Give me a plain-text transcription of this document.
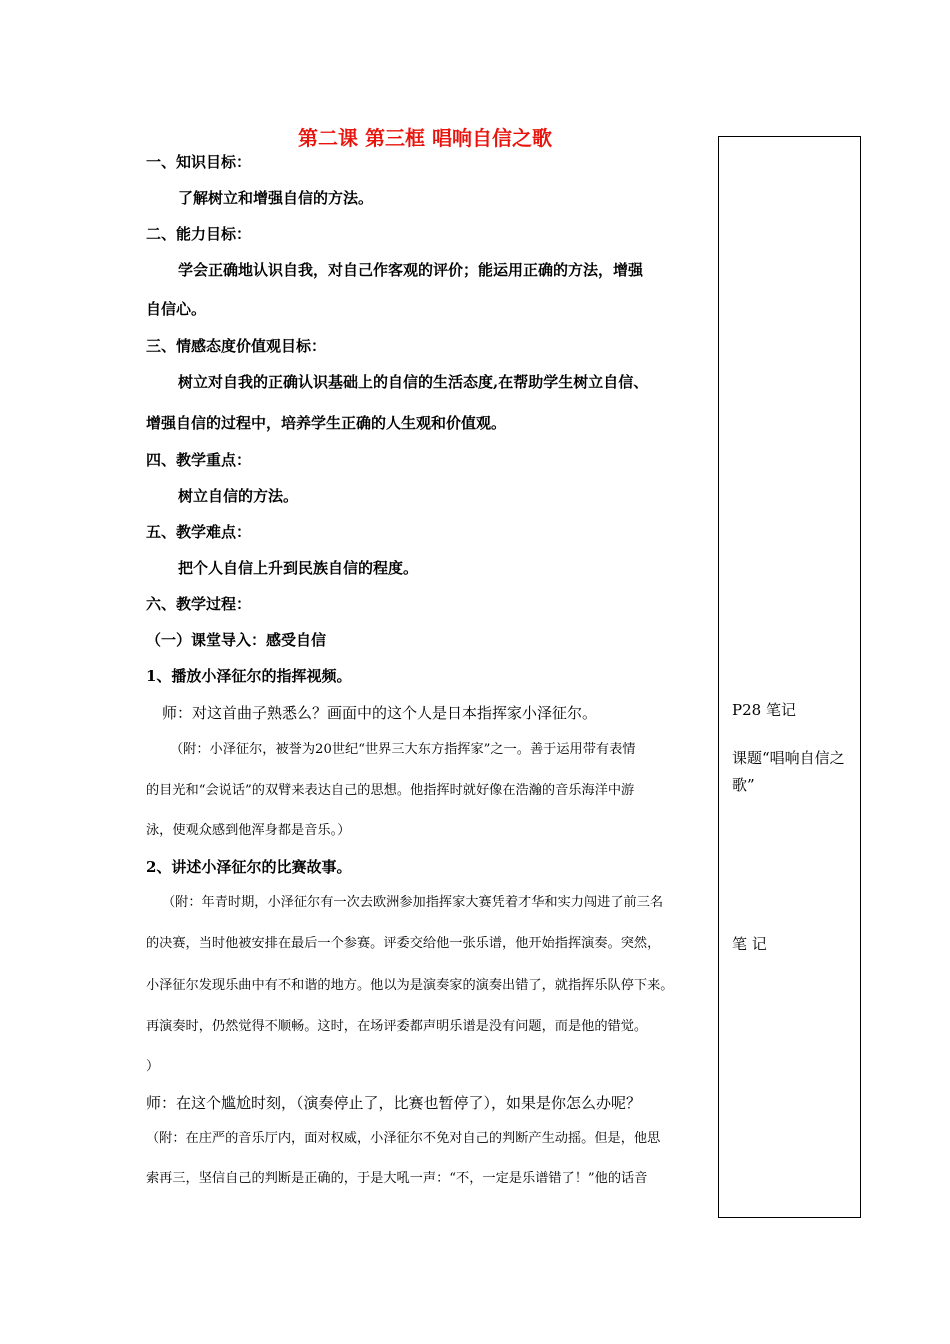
第二课 第三框 唱响自信之歌
一、知识目标：
了解树立和增强自信的方法。
二、能力目标：
学会正确地认识自我，对自己作客观的评价；能运用正确的方法，增强
自信心。
三、情感态度价值观目标：
树立对自我的正确认识基础上的自信的生活态度,在帮助学生树立自信、
增强自信的过程中，培养学生正确的人生观和价值观。
四、教学重点：
树立自信的方法。
五、教学难点：
把个人自信上升到民族自信的程度。
六、教学过程：
（一）课堂导入：感受自信
1、播放小泽征尔的指挥视频。
师：对这首曲子熟悉么？画面中的这个人是日本指挥家小泽征尔。
（附：小泽征尔，被誉为20世纪“世界三大东方指挥家”之一。善于运用带有表情
的目光和“会说话”的双臂来表达自己的思想。他指挥时就好像在浩瀚的音乐海洋中游
泳，使观众感到他浑身都是音乐。）
2、讲述小泽征尔的比赛故事。
（附：年青时期，小泽征尔有一次去欧洲参加指挥家大赛凭着才华和实力闯进了前三名
的决赛，当时他被安排在最后一个参赛。评委交给他一张乐谱，他开始指挥演奏。突然，
小泽征尔发现乐曲中有不和谐的地方。他以为是演奏家的演奏出错了，就指挥乐队停下来。
再演奏时，仍然觉得不顺畅。这时，在场评委都声明乐谱是没有问题，而是他的错觉。
）
师：在这个尴尬时刻，（演奏停止了，比赛也暂停了），如果是你怎么办呢？
（附：在庄严的音乐厅内，面对权威，小泽征尔不免对自己的判断产生动摇。但是，他思
索再三，坚信自己的判断是正确的，于是大吼一声：“不，一定是乐谱错了！”他的话音
P28 笔记
课题“唱响自信之歌”
笔 记
